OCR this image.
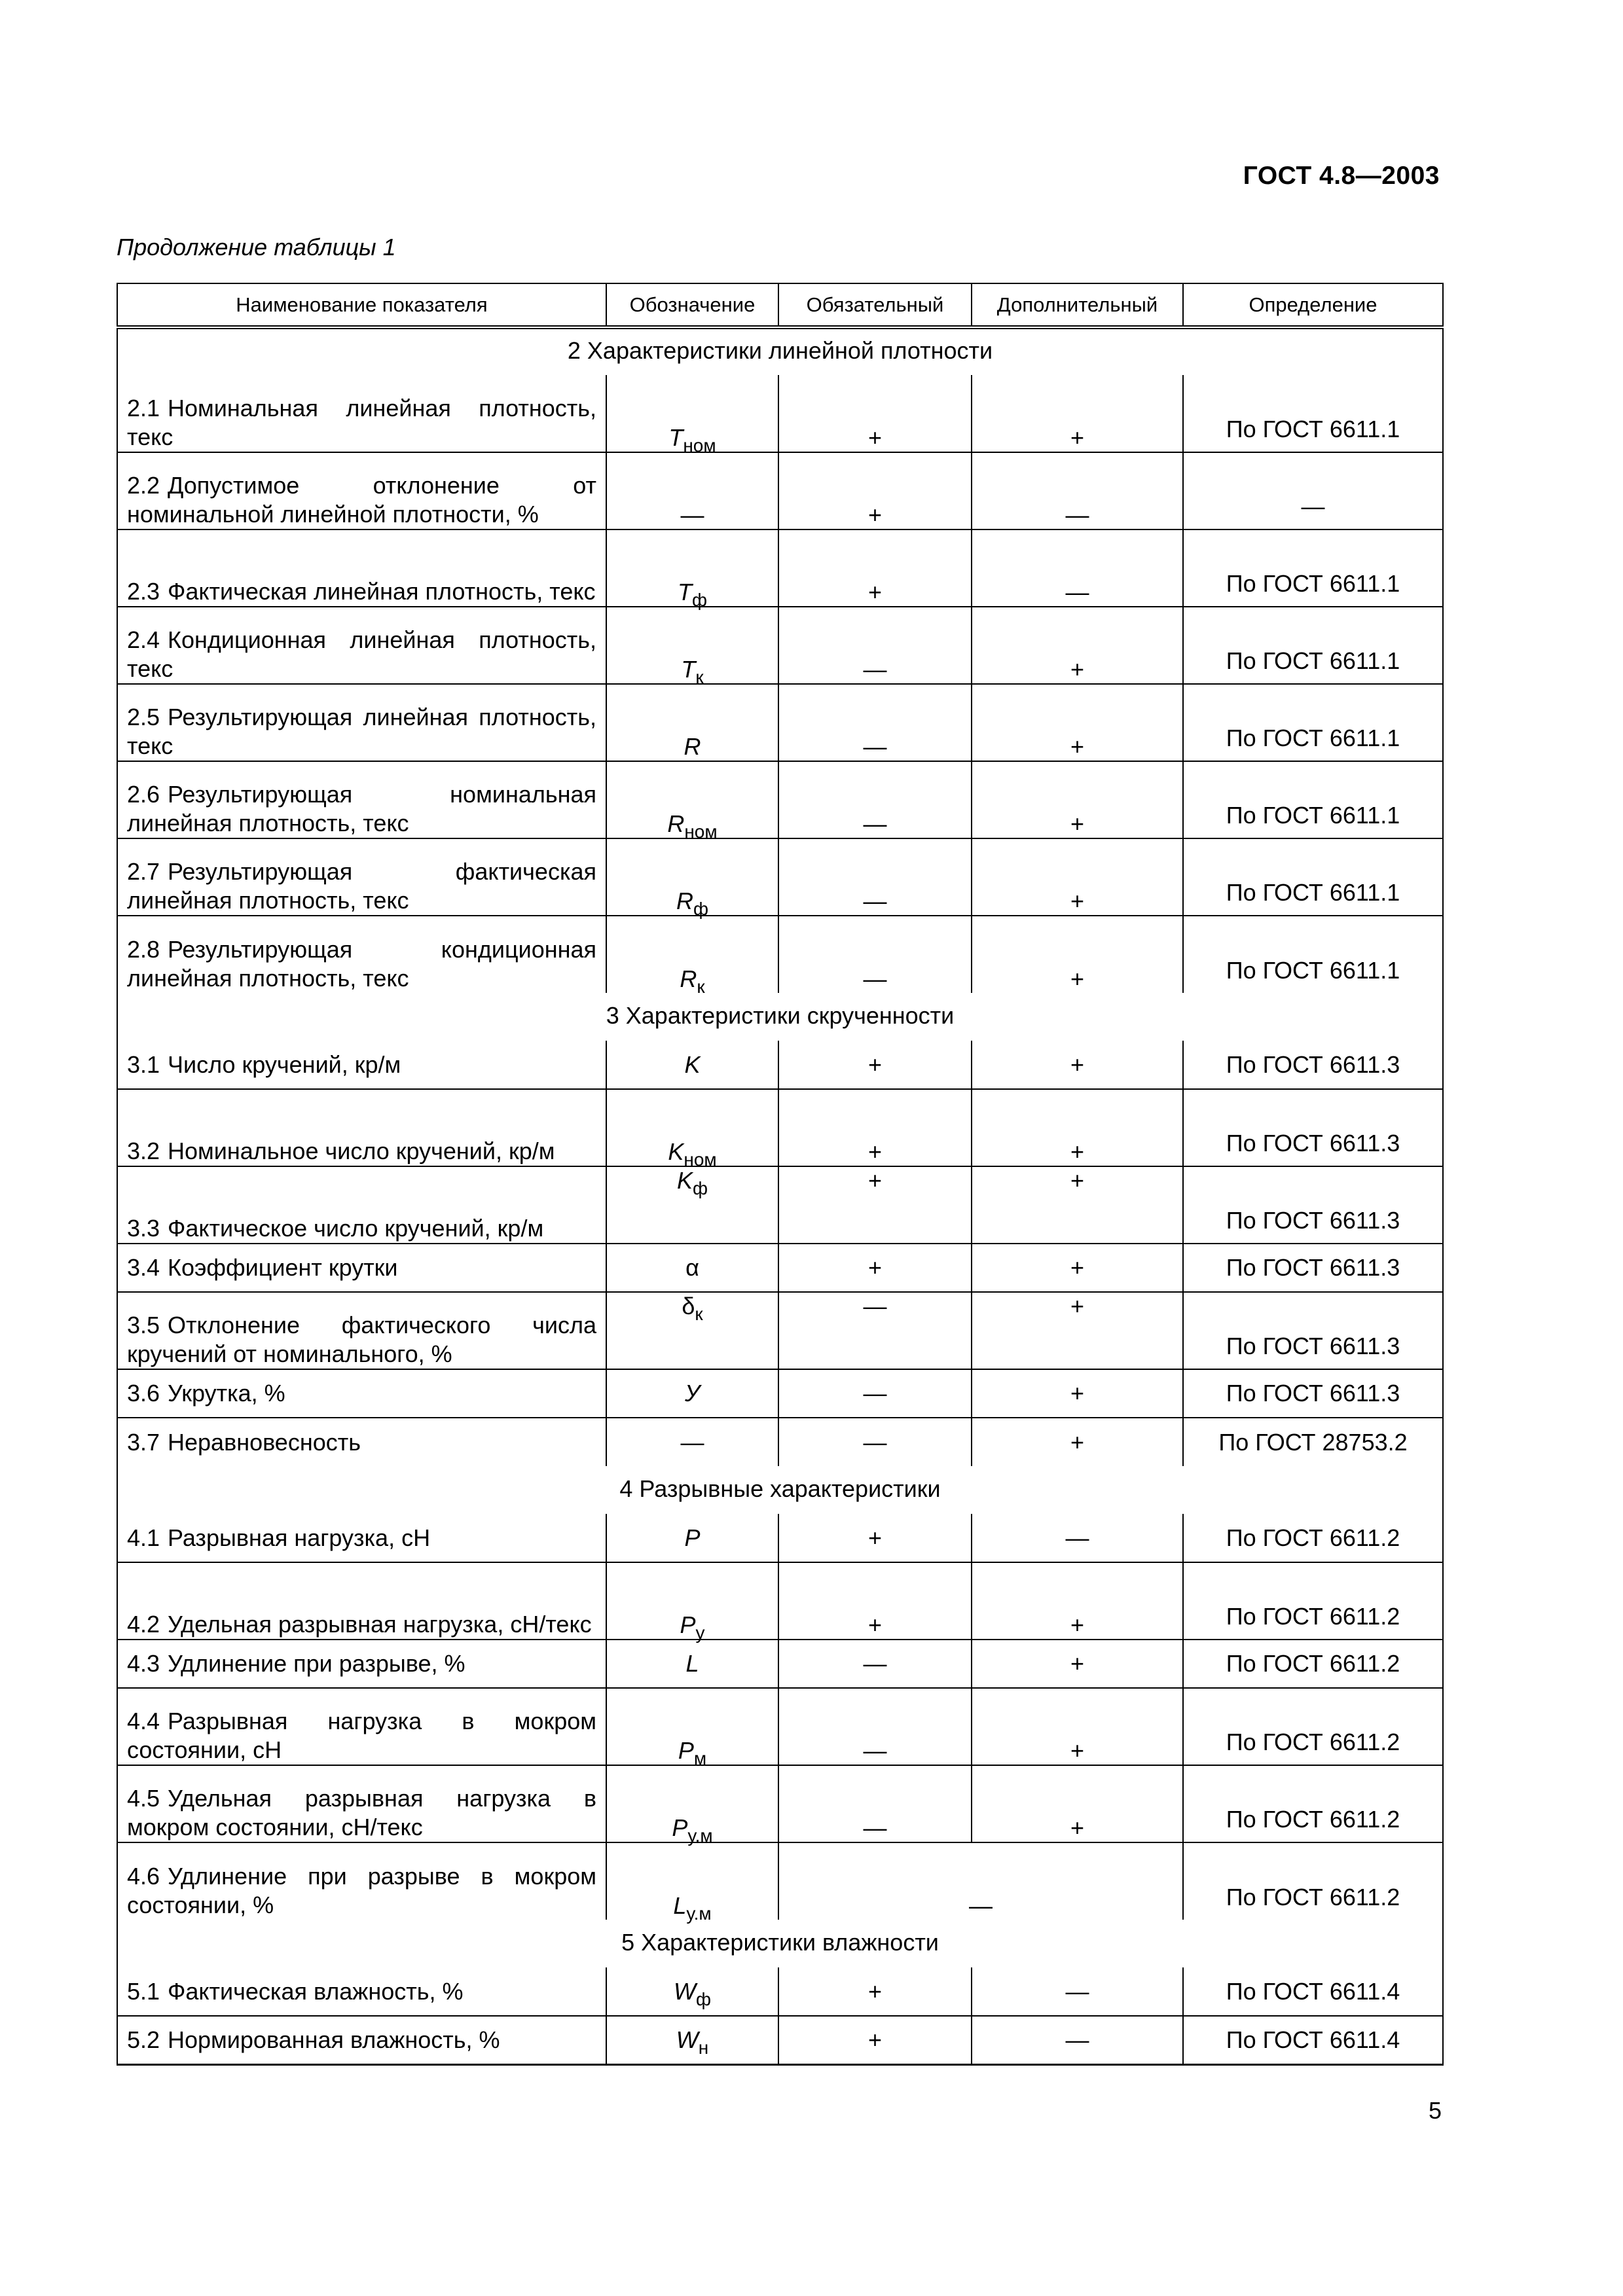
ГОСТ 4.8—2003
Продолжение таблицы 1
Наименование показателя	Обозначение	Обязательный	Дополнительный	Определение
2 Характеристики линейной плотности				
2.1 Номинальная линейная плотность, текс	$T_{ном}$	+	+	По ГОСТ 6611.1
2.2 Допустимое отклонение от номинальной линейной плотности, %	—	+	—	—
2.3 Фактическая линейная плотность, текс	$T_ф$	+	—	По ГОСТ 6611.1
2.4 Кондиционная линейная плотность, текс	$T_к$	—	+	По ГОСТ 6611.1
2.5 Результирующая линейная плотность, текс	R	—	+	По ГОСТ 6611.1
2.6 Результирующая номинальная линейная плотность, текс	$R_{ном}$	—	+	По ГОСТ 6611.1
2.7 Результирующая фактическая линейная плотность, текс	$R_ф$	—	+	По ГОСТ 6611.1
2.8 Результирующая кондиционная линейная плотность, текс	$R_к$	—	+	По ГОСТ 6611.1
3 Характеристики скрученности				
3.1 Число кручений, кр/м	K	+	+	По ГОСТ 6611.3
3.2 Номинальное число кручений, кр/м	$K_{ном}$	+	+	По ГОСТ 6611.3
3.3 Фактическое число кручений, кр/м	$K_ф$	+	+	По ГОСТ 6611.3
3.4 Коэффициент крутки	α	+	+	По ГОСТ 6611.3
3.5 Отклонение фактического числа кручений от номинального, %	$\delta_к$	—	+	По ГОСТ 6611.3
3.6 Укрутка, %	У	—	+	По ГОСТ 6611.3
3.7 Неравновесность	—	—	+	По ГОСТ 28753.2
4 Разрывные характеристики				
4.1 Разрывная нагрузка, сН	P	+	—	По ГОСТ 6611.2
4.2 Удельная разрывная нагрузка, сН/текс	$P_у$	+	+	По ГОСТ 6611.2
4.3 Удлинение при разрыве, %	L	—	+	По ГОСТ 6611.2
4.4 Разрывная нагрузка в мокром состоянии, сН	$P_м$	—	+	По ГОСТ 6611.2
4.5 Удельная разрывная нагрузка в мокром состоянии, сН/текс	$P_{у.м}$	—	+	По ГОСТ 6611.2
4.6 Удлинение при разрыве в мокром состоянии, %	$L_{у.м}$	—		По ГОСТ 6611.2
5 Характеристики влажности				
5.1 Фактическая влажность, %	$W_ф$	+	—	По ГОСТ 6611.4
5.2 Нормированная влажность, %	$W_н$	+	—	По ГОСТ 6611.4
5
